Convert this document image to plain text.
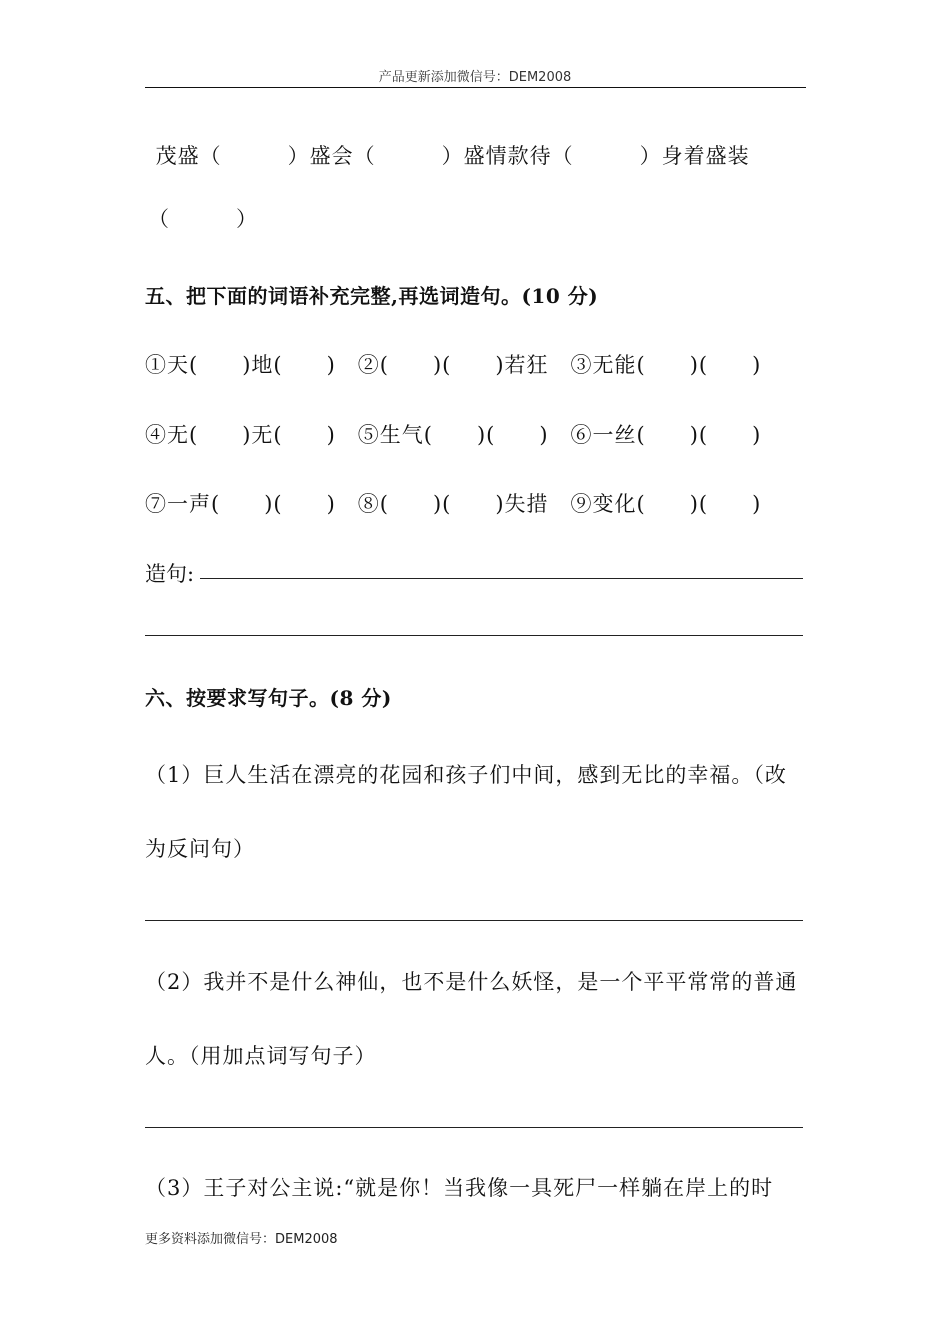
产品更新添加微信号：DEM2008
茂盛（　　　）盛会（　　　）盛情款待（　　　）身着盛装
（　　　）
五、把下面的词语补充完整,再选词造句。(10 分)
①天(　　)地(　　)　②(　　)(　　)若狂　③无能(　　)(　　)
④无(　　)无(　　)　⑤生气(　　)(　　)　⑥一丝(　　)(　　)
⑦一声(　　)(　　)　⑧(　　)(　　)失措　⑨变化(　　)(　　)
造句:
六、按要求写句子。(8 分)
（1）巨人生活在漂亮的花园和孩子们中间，感到无比的幸福。（改
为反问句）
（2）我并不是什么神仙，也不是什么妖怪，是一个平平常常的普通
人。（用加点词写句子）
（3）王子对公主说:“就是你！当我像一具死尸一样躺在岸上的时
更多资料添加微信号：DEM2008
